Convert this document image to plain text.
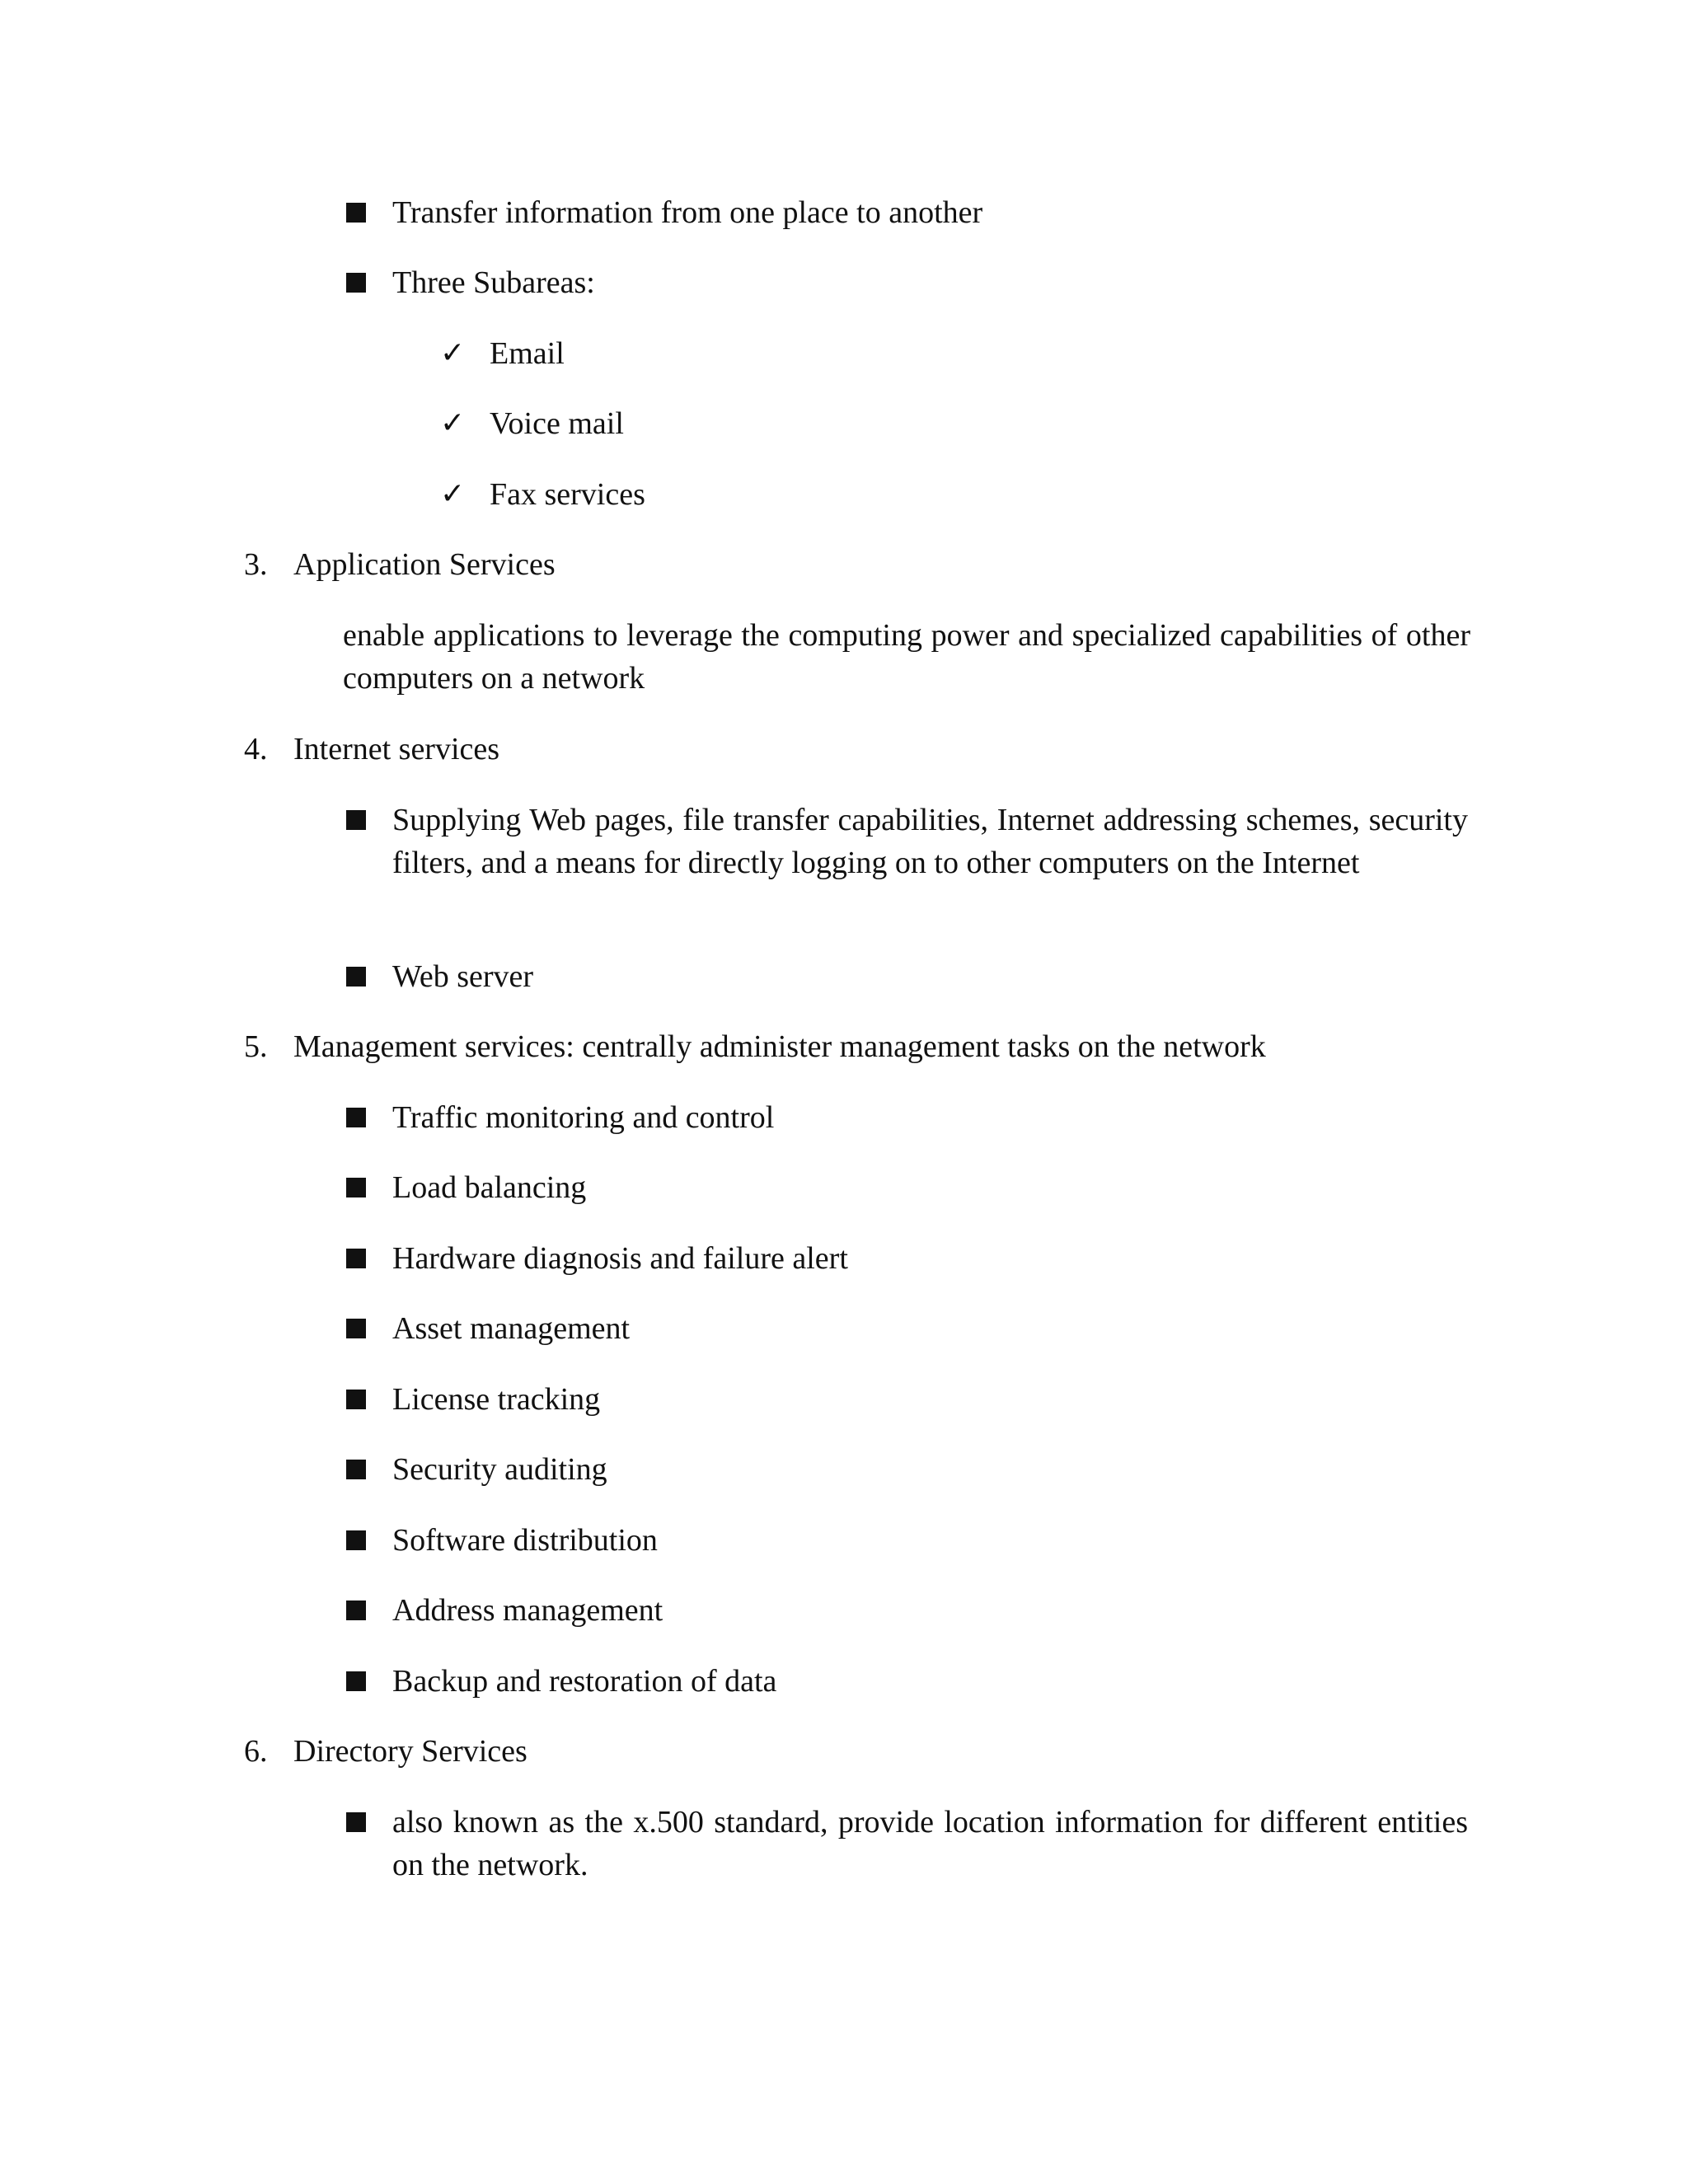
Transfer information from one place to another
Three Subareas:
✓ Email
✓ Voice mail
✓ Fax services
3. Application Services
enable applications to leverage the computing power and specialized capabilities of other computers on a network
4. Internet services
Supplying Web pages, file transfer capabilities, Internet addressing schemes, security filters, and a means for directly logging on to other computers on the Internet
Web server
5. Management services: centrally administer management tasks on the network
Traffic monitoring and control
Load balancing
Hardware diagnosis and failure alert
Asset management
License tracking
Security auditing
Software distribution
Address management
Backup and restoration of data
6. Directory Services
also known as the x.500 standard, provide location information for different entities on the network.
